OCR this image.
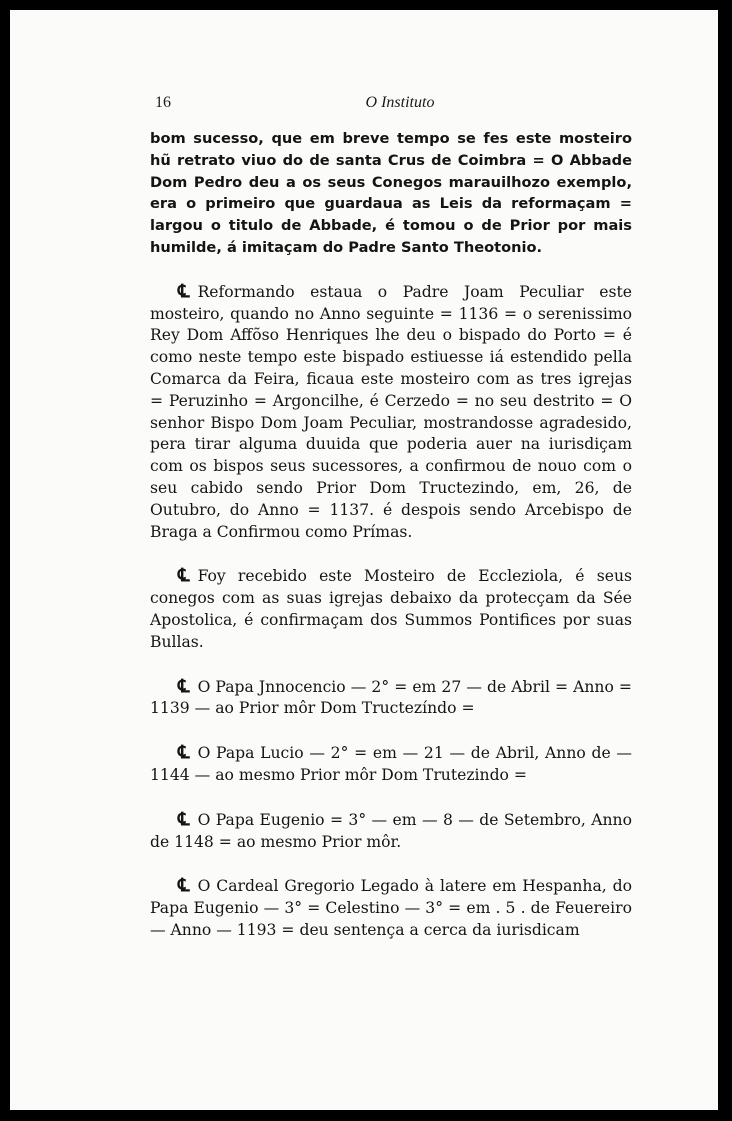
16	O Instituto

bom sucesso, que em breve tempo se fes este mosteiro hũ retrato viuo do de santa Crus de Coimbra = O Abbade Dom Pedro deu a os seus Conegos marauilhozo exemplo, era o primeiro que guardaua as Leis da reformaçam = largou o titulo de Abbade, é tomou o de Prior por mais humilde, á imitaçam do Padre Santo Theotonio.

℄ Reformando estaua o Padre Joam Peculiar este mosteiro, quando no Anno seguinte = 1136 = o serenissimo Rey Dom Affõso Henriques lhe deu o bispado do Porto = é como neste tempo este bispado estiuesse iá estendido pella Comarca da Feira, ficaua este mosteiro com as tres igrejas = Peruzinho = Argoncilhe, é Cerzedo = no seu destrito = O senhor Bispo Dom Joam Peculiar, mostrandosse agradesido, pera tirar alguma duuida que poderia auer na iurisdiçam com os bispos seus sucessores, a confirmou de nouo com o seu cabido sendo Prior Dom Tructezindo, em, 26, de Outubro, do Anno = 1137. é despois sendo Arcebispo de Braga a Confirmou como Prímas.

℄ Foy recebido este Mosteiro de Eccleziola, é seus conegos com as suas igrejas debaixo da protecçam da Sée Apostolica, é confirmaçam dos Summos Pontifices por suas Bullas.

℄ O Papa Jnnocencio — 2° = em 27 — de Abril = Anno = 1139 — ao Prior môr Dom Tructezíndo =

℄ O Papa Lucio — 2° = em — 21 — de Abril, Anno de — 1144 — ao mesmo Prior môr Dom Trutezindo =

℄ O Papa Eugenio = 3° — em — 8 — de Setembro, Anno de 1148 = ao mesmo Prior môr.

℄ O Cardeal Gregorio Legado à latere em Hespanha, do Papa Eugenio — 3° = Celestino — 3° = em . 5 . de Feuereiro — Anno — 1193 = deu sentença a cerca da iurisdicam
